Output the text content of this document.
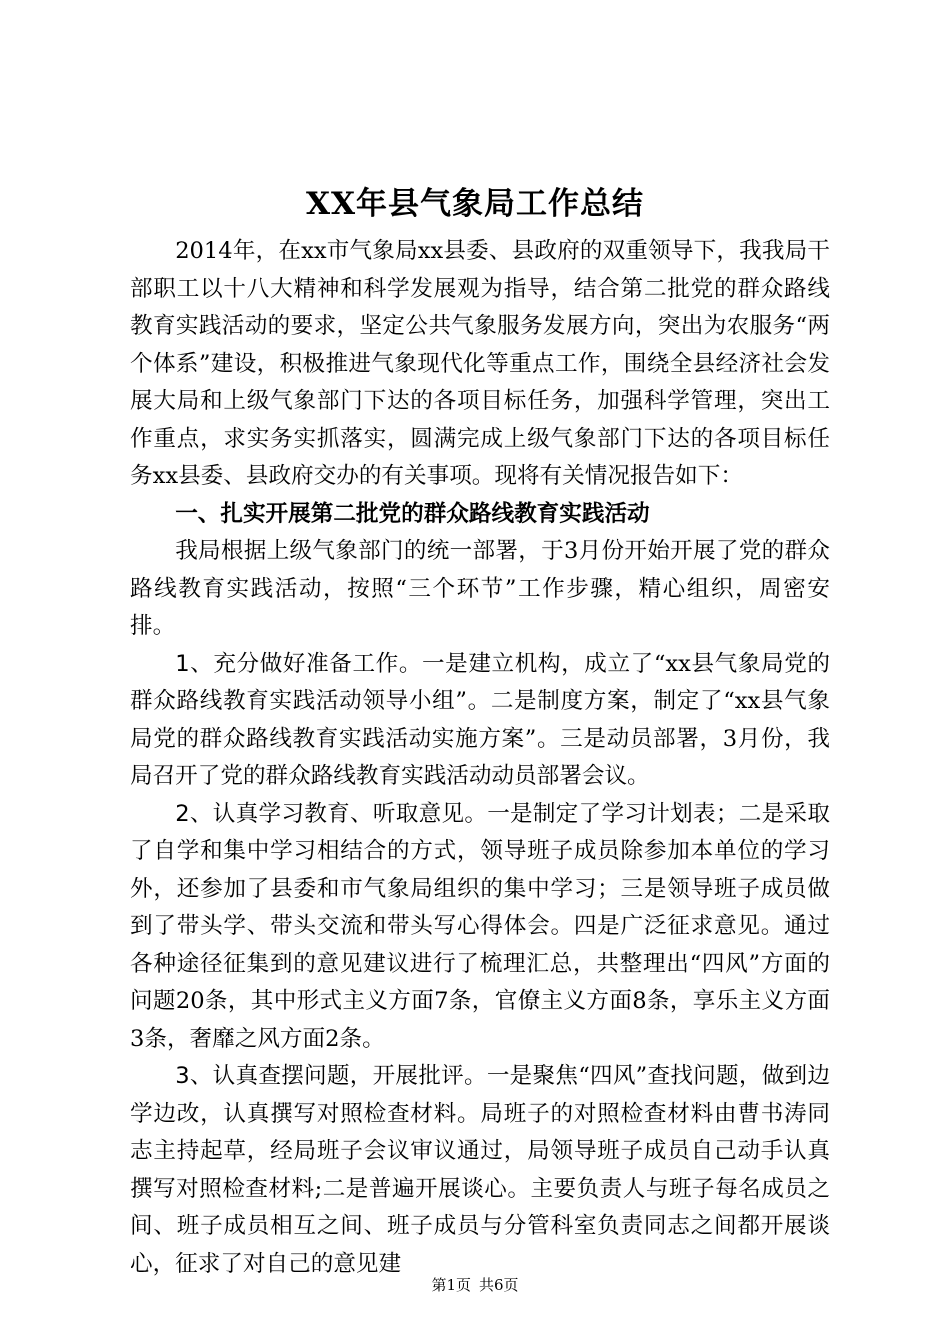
XX年县气象局工作总结

2014年，在xx市气象局xx县委、县政府的双重领导下，我我局干部职工以十八大精神和科学发展观为指导，结合第二批党的群众路线教育实践活动的要求，坚定公共气象服务发展方向，突出为农服务“两个体系”建设，积极推进气象现代化等重点工作，围绕全县经济社会发展大局和上级气象部门下达的各项目标任务，加强科学管理，突出工作重点，求实务实抓落实，圆满完成上级气象部门下达的各项目标任务xx县委、县政府交办的有关事项。现将有关情况报告如下：

一、扎实开展第二批党的群众路线教育实践活动

我局根据上级气象部门的统一部署，于3月份开始开展了党的群众路线教育实践活动，按照“三个环节”工作步骤，精心组织，周密安排。

1、充分做好准备工作。一是建立机构，成立了“xx县气象局党的群众路线教育实践活动领导小组”。二是制度方案，制定了“xx县气象局党的群众路线教育实践活动实施方案”。三是动员部署，3月份，我局召开了党的群众路线教育实践活动动员部署会议。

2、认真学习教育、听取意见。一是制定了学习计划表；二是采取了自学和集中学习相结合的方式，领导班子成员除参加本单位的学习外，还参加了县委和市气象局组织的集中学习；三是领导班子成员做到了带头学、带头交流和带头写心得体会。四是广泛征求意见。通过各种途径征集到的意见建议进行了梳理汇总，共整理出“四风”方面的问题20条，其中形式主义方面7条，官僚主义方面8条，享乐主义方面3条，奢靡之风方面2条。

3、认真查摆问题，开展批评。一是聚焦“四风”查找问题，做到边学边改，认真撰写对照检查材料。局班子的对照检查材料由曹书涛同志主持起草，经局班子会议审议通过，局领导班子成员自己动手认真撰写对照检查材料;二是普遍开展谈心。主要负责人与班子每名成员之间、班子成员相互之间、班子成员与分管科室负责同志之间都开展谈心，征求了对自己的意见建

第1页 共6页
